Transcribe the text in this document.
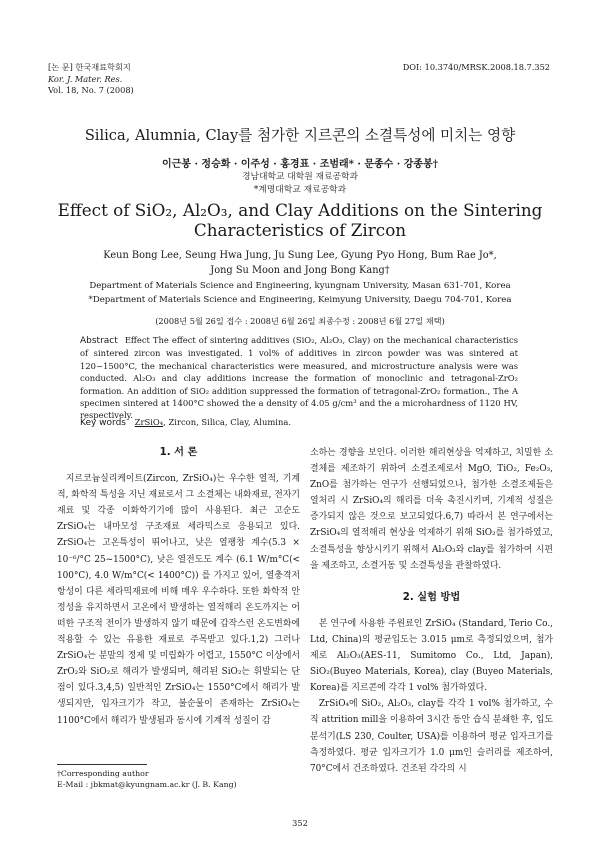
[논 문] 한국재료학회지
Kor. J. Mater. Res.
Vol. 18, No. 7 (2008)
DOI: 10.3740/MRSK.2008.18.7.352
Silica, Alumnia, Clay를 첨가한 지르콘의 소결특성에 미치는 영향
이근봉 · 정승화 · 이주성 · 홍경표 · 조범래* · 문종수 · 강종봉†
경남대학교 대학원 재료공학과
*계명대학교 재료공학과
Effect of SiO₂, Al₂O₃, and Clay Additions on the Sintering
Characteristics of Zircon
Keun Bong Lee, Seung Hwa Jung, Ju Sung Lee, Gyung Pyo Hong, Bum Rae Jo*,
Jong Su Moon and Jong Bong Kang†
Department of Materials Science and Engineering, kyungnam University, Masan 631-701, Korea
*Department of Materials Science and Engineering, Keimyung University, Daegu 704-701, Korea
(2008년 5월 26일 접수 : 2008년 6월 26일 최종수정 : 2008년 6월 27일 채택)
Abstract Effect The effect of sintering additives (SiO₂, Al₂O₃, Clay) on the mechanical characteristics of sintered zircon was investigated. 1 vol% of additives in zircon powder was was sintered at 120~1500°C, the mechanical characteristics were measured, and microstructure analysis were was conducted. Al₂O₃ and clay additions increase the formation of monoclinic and tetragonal-ZrO₂ formation. An addition of SiO₂ addition suppressed the formation of tetragonal-ZrO₂ formation., The A specimen sintered at 1400°C showed the a density of 4.05 g/cm³ and the a microhardness of 1120 HV, respectively.
Key words ZrSiO₄, Zircon, Silica, Clay, Alumina.
1. 서 론

지르코늄실리케이트(Zircon, ZrSiO₄)는 우수한 열적, 기계적, 화학적 특성을 지닌 재료로서 그 소결체는 내화재료, 전자기 재료 및 각종 이화학기기에 많이 사용된다. 최근 고순도 ZrSiO₄는 내마모성 구조재료 세라믹스로 응용되고 있다. ZrSiO₄는 고온특성이 뛰어나고, 낮은 열팽창 계수(5.3 × 10⁻⁶/°C 25~1500°C), 낮은 열전도도 계수 (6.1 W/m°C(< 100°C), 4.0 W/m°C(< 1400°C)) 를 가지고 있어, 열충격저항성이 다른 세라믹재료에 비해 매우 우수하다. 또한 화학적 안정성을 유지하면서 고온에서 발생하는 열적해리 온도까지는 어떠한 구조적 전이가 발생하지 않기 때문에 갑작스런 온도변화에 적용할 수 있는 유용한 재료로 주목받고 있다.1,2) 그러나 ZrSiO₄는 분말의 정제 및 미립화가 어렵고, 1550°C 이상에서 ZrO₂와 SiO₂로 해리가 발생되며, 해리된 SiO₂는 휘발되는 단점이 있다.3,4,5) 일반적인 ZrSiO₄는 1550°C에서 해리가 발생되지만, 입자크기가 작고, 불순물이 존재하는 ZrSiO₄는 1100°C에서 해리가 발생됨과 동시에 기계적 성질이 감

소하는 경향을 보인다. 이러한 해리현상을 억제하고, 치밀한 소결체를 제조하기 위하여 소결조제로서 MgO, TiO₂, Fe₂O₃, ZnO를 첨가하는 연구가 선행되었으나, 첨가한 소결조제들은 열처리 시 ZrSiO₄의 해리를 더욱 촉진시키며, 기계적 성질은 증가되지 않은 것으로 보고되었다.6,7) 따라서 본 연구에서는 ZrSiO₄의 열적해리 현상을 억제하기 위해 SiO₂를 첨가하였고, 소결특성을 향상시키기 위해서 Al₂O₃와 clay를 첨가하여 시편을 제조하고, 소결거동 및 소결특성을 관찰하였다.

2. 실험 방법

본 연구에 사용한 주원료인 ZrSiO₄ (Standard, Terio Co., Ltd, China)의 평균입도는 3.015 μm로 측정되었으며, 첨가제로 Al₂O₃(AES-11, Sumitomo Co., Ltd, Japan), SiO₂(Buyeo Materials, Korea), clay (Buyeo Materials, Korea)를 지르콘에 각각 1 vol% 첨가하였다.

ZrSiO₄에 SiO₂, Al₂O₃, clay를 각각 1 vol% 첨가하고, 수직 attrition mill을 이용하여 3시간 동안 습식 분쇄한 후, 입도분석기(LS 230, Coulter, USA)를 이용하여 평균 입자크기를 측정하였다. 평균 입자크기가 1.0 μm인 슬러리를 제조하여, 70°C에서 건조하였다. 건조된 각각의 시

†Corresponding author
E-Mail : jbkmat@kyungnam.ac.kr (J. B. Kang)
352
